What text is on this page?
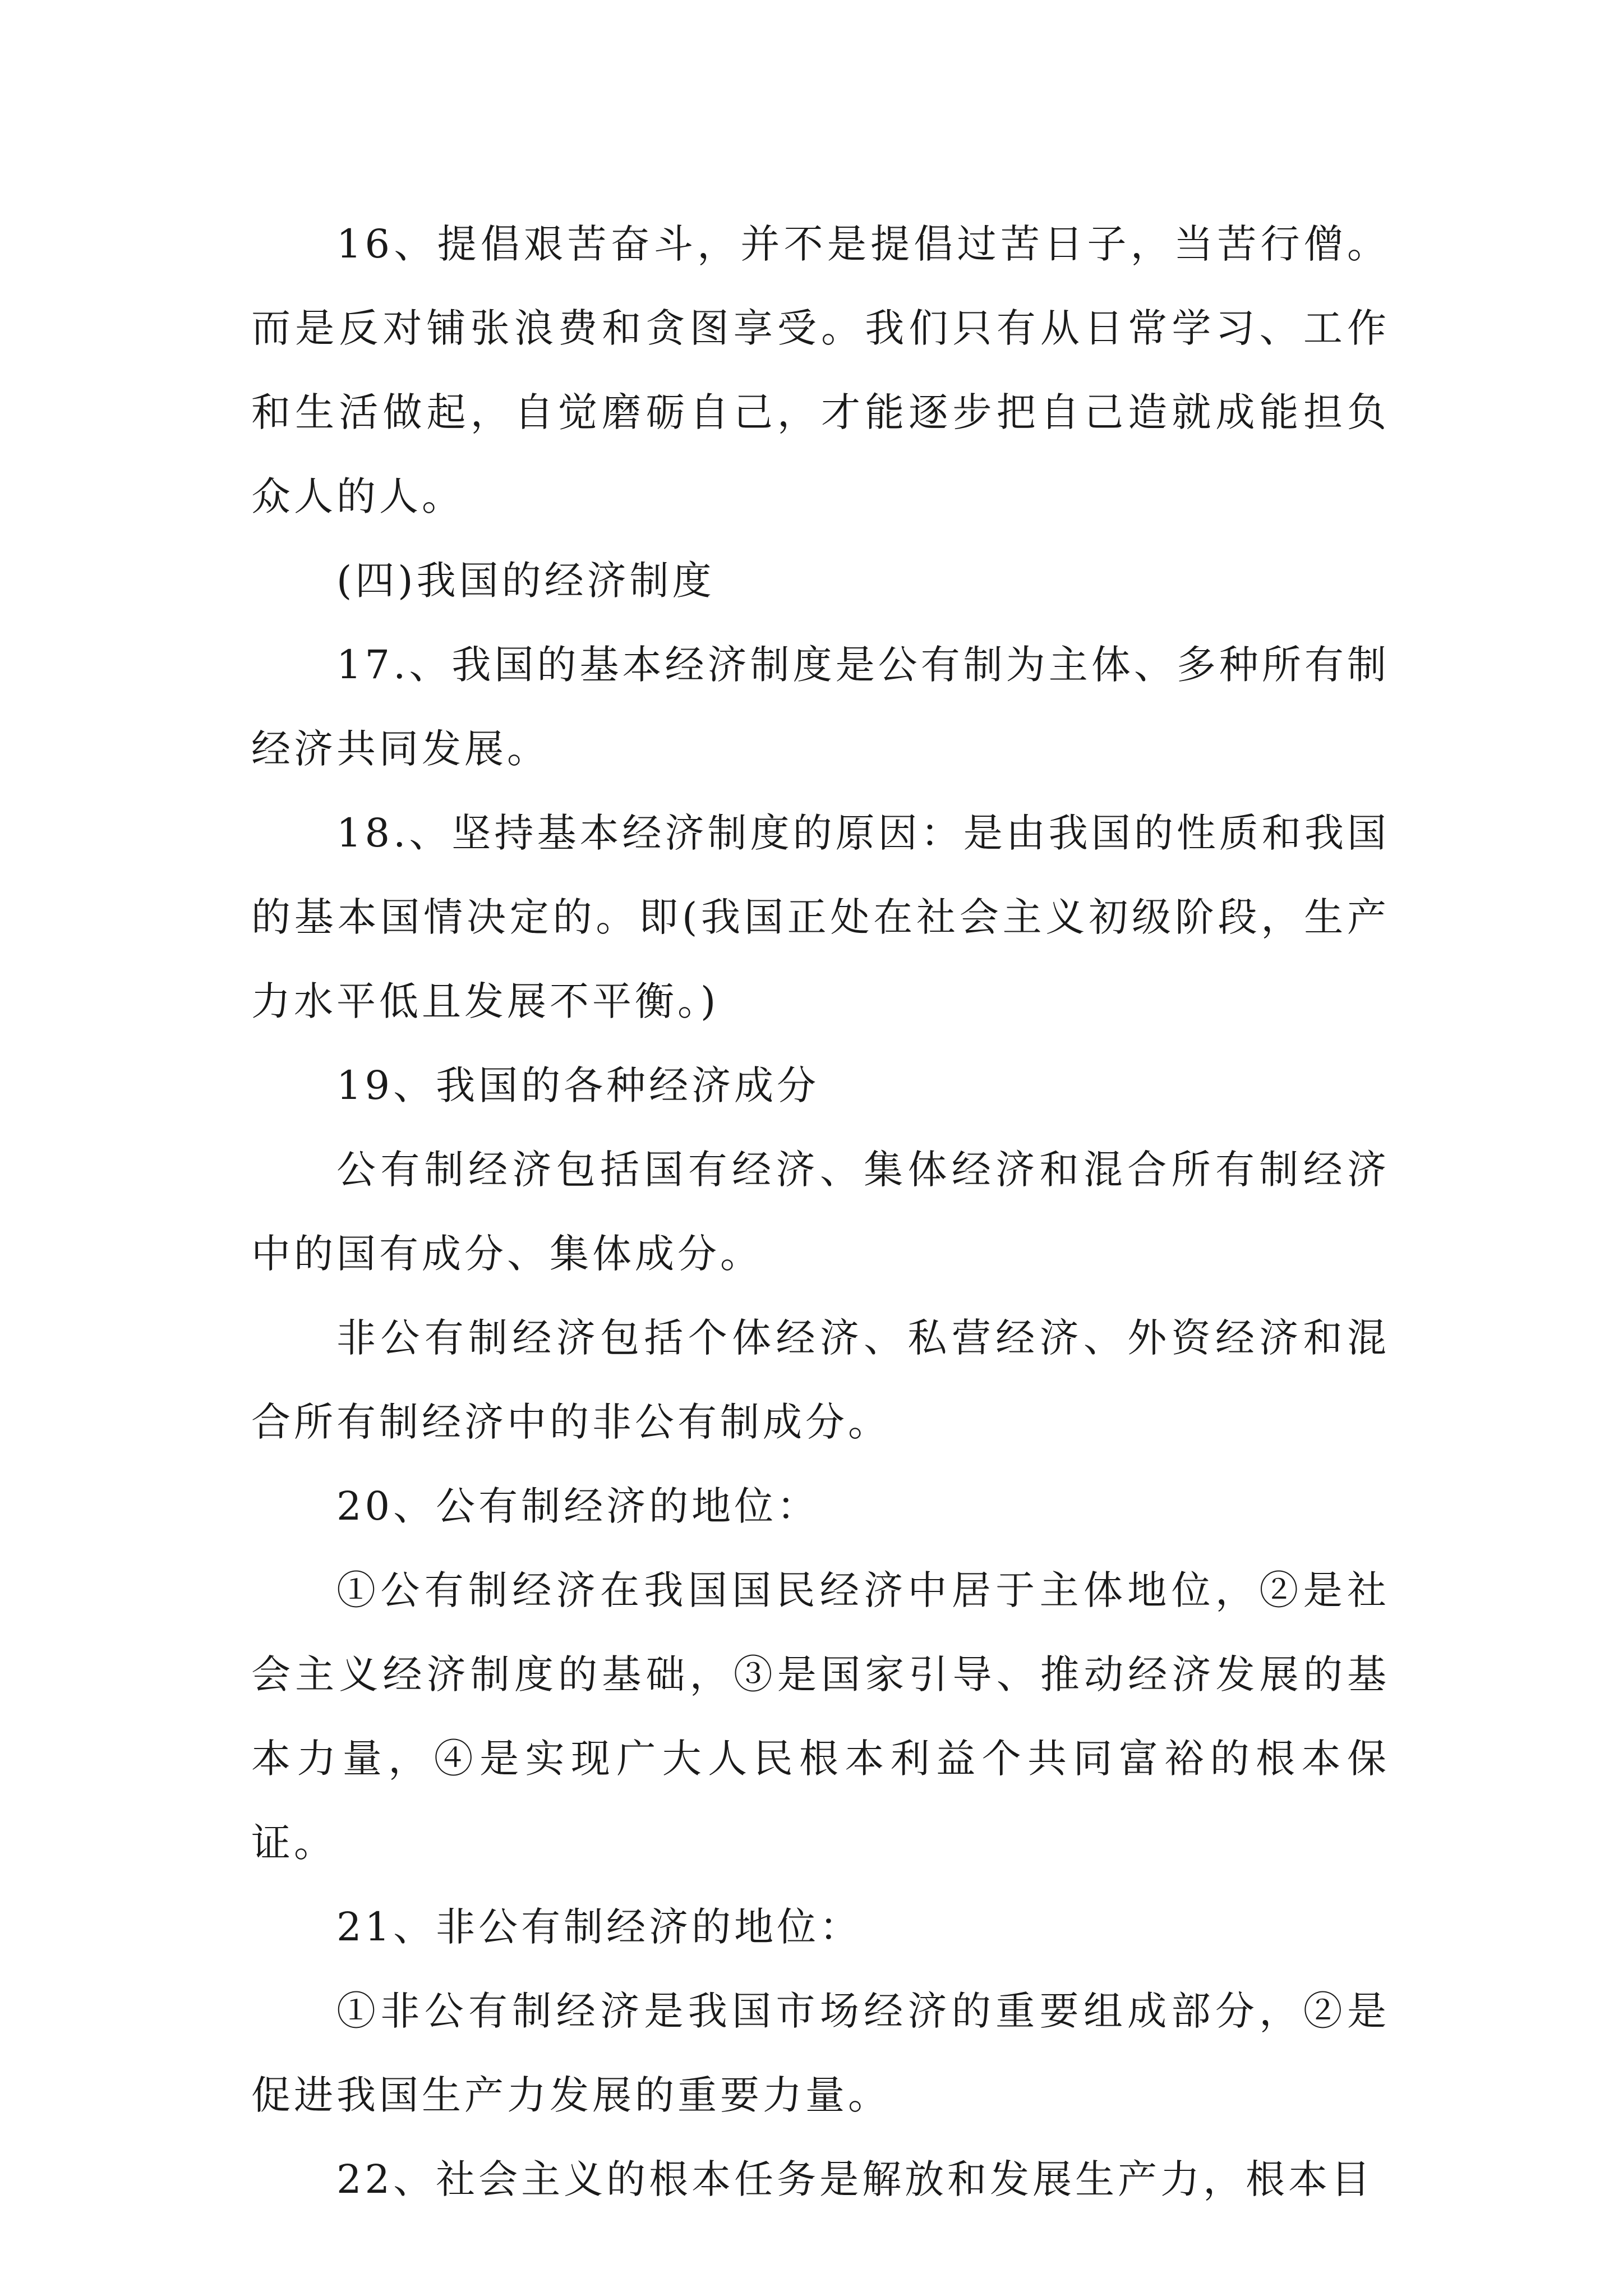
16、提倡艰苦奋斗，并不是提倡过苦日子，当苦行僧。而是反对铺张浪费和贪图享受。我们只有从日常学习、工作和生活做起，自觉磨砺自己，才能逐步把自己造就成能担负众人的人。

(四)我国的经济制度

17.、我国的基本经济制度是公有制为主体、多种所有制经济共同发展。

18.、坚持基本经济制度的原因：是由我国的性质和我国的基本国情决定的。即(我国正处在社会主义初级阶段，生产力水平低且发展不平衡。)

19、我国的各种经济成分

公有制经济包括国有经济、集体经济和混合所有制经济中的国有成分、集体成分。

非公有制经济包括个体经济、私营经济、外资经济和混合所有制经济中的非公有制成分。

20、公有制经济的地位：

①公有制经济在我国国民经济中居于主体地位，②是社会主义经济制度的基础，③是国家引导、推动经济发展的基本力量，④是实现广大人民根本利益个共同富裕的根本保证。

21、非公有制经济的地位：

①非公有制经济是我国市场经济的重要组成部分，②是促进我国生产力发展的重要力量。

22、社会主义的根本任务是解放和发展生产力，根本目
